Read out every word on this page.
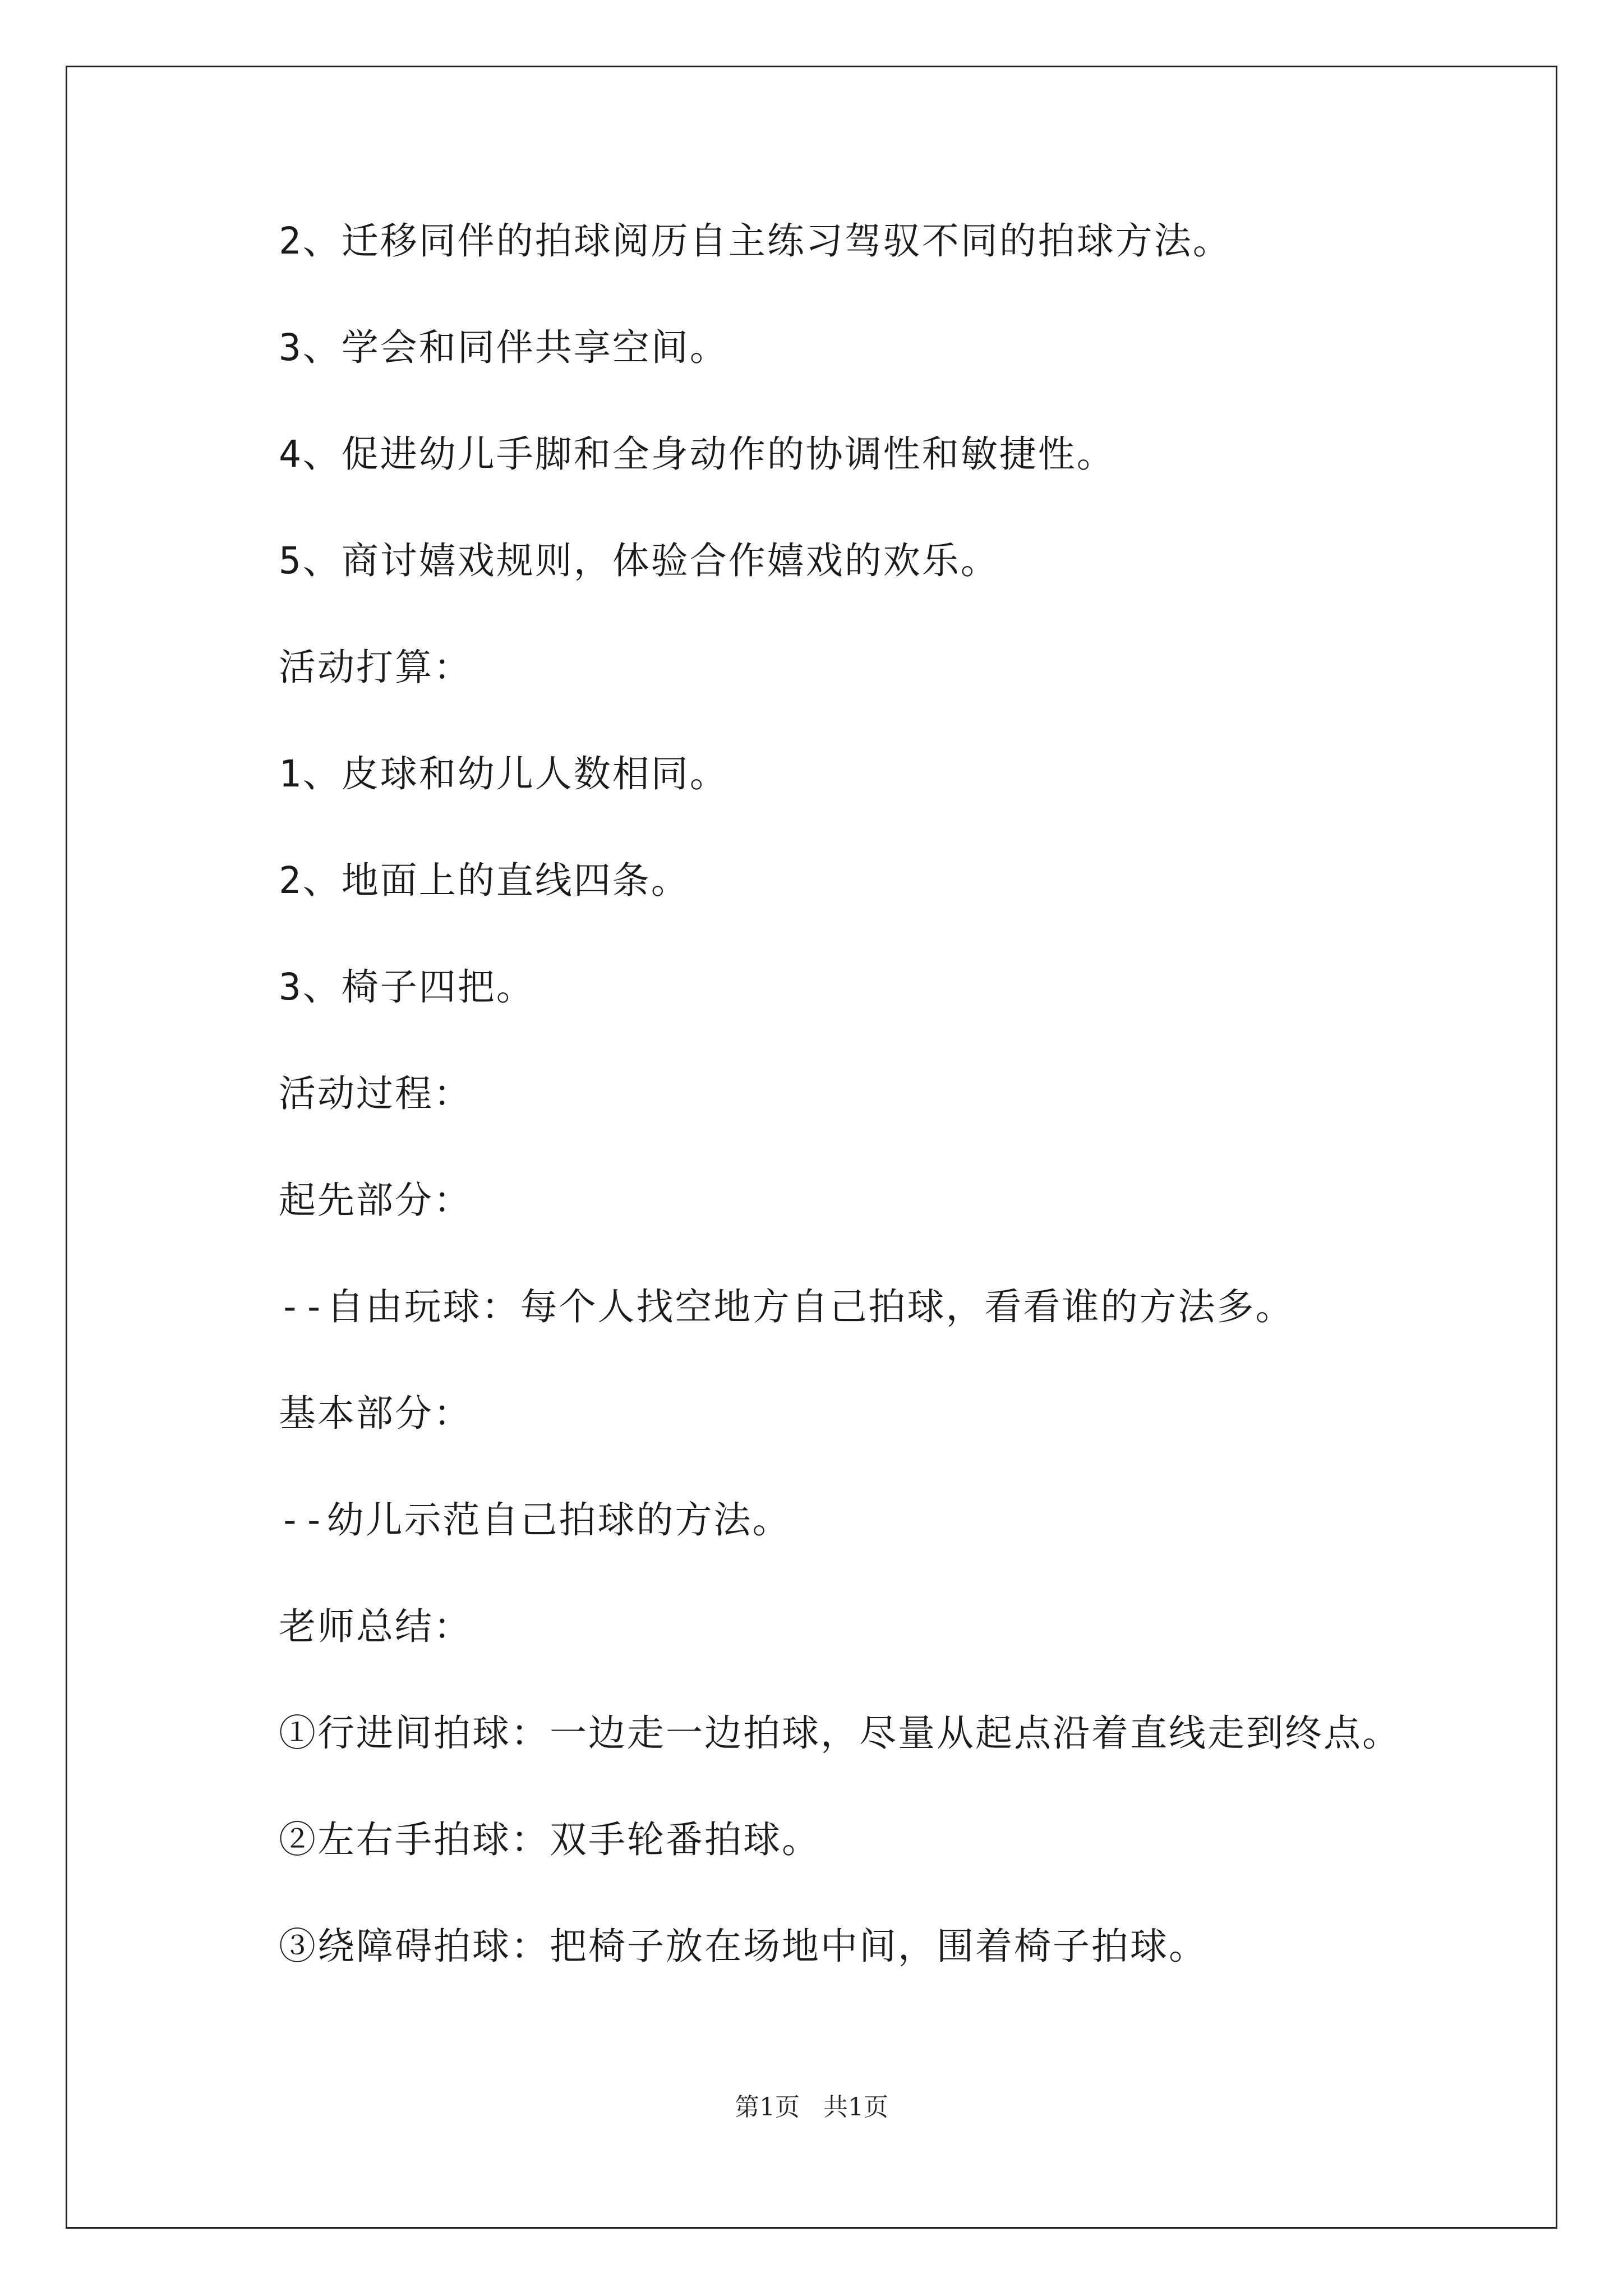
2、迁移同伴的拍球阅历自主练习驾驭不同的拍球方法。

3、学会和同伴共享空间。

4、促进幼儿手脚和全身动作的协调性和敏捷性。

5、商讨嬉戏规则，体验合作嬉戏的欢乐。

活动打算：

1、皮球和幼儿人数相同。

2、地面上的直线四条。

3、椅子四把。

活动过程：

起先部分：

--自由玩球：每个人找空地方自己拍球，看看谁的方法多。

基本部分：

--幼儿示范自己拍球的方法。

老师总结：

①行进间拍球：一边走一边拍球，尽量从起点沿着直线走到终点。

②左右手拍球：双手轮番拍球。

③绕障碍拍球：把椅子放在场地中间，围着椅子拍球。

第1页   共1页
